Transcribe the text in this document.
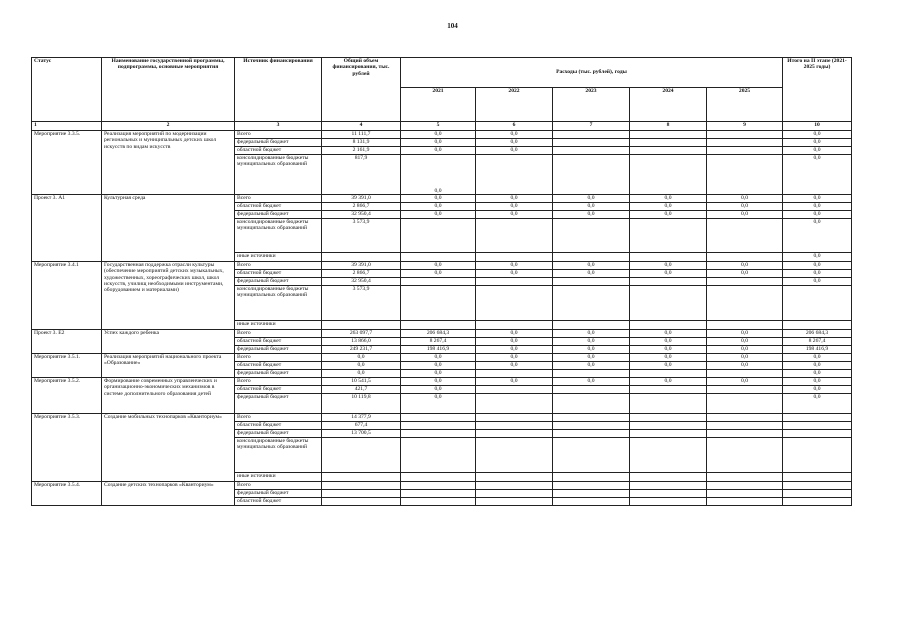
104
Статус	Наименование государственной программы, подпрограммы, основные мероприятия	Источник финансирования	Общий объем финансирования, тыс. рублей	Расходы (тыс. рублей), годы					Итого на II этапе (2021-2025 годы)
				2021	2022	2023	2024	2025	
1	2	3	4	5	6	7	8	9	10
Мероприятие 3.3.5.	Реализация мероприятий по модернизации региональных и муниципальных детских школ искусств по видам искусств	Всего	11 111,7	0,0	0,0				0,0
		федеральный бюджет	8 131,9	0,0	0,0				0,0
		областной бюджет	2 161,9	0,0	0,0				0,0
		консолидированные бюджеты муниципальных образований	817,9	0,0					0,0
Проект 3. А1	Культурная среда	Всего	39 391,0	0,0	0,0	0,0	0,0	0,0	0,0
		областной бюджет	2 866,7	0,0	0,0	0,0	0,0	0,0	0,0
		федеральный бюджет	32 950,4	0,0	0,0	0,0	0,0	0,0	0,0
		консолидированные бюджеты муниципальных образований	3 573,9						0,0
		иные источники							0,0
Мероприятие 3.4.1	Государственная поддержка отрасли культуры (обеспечение мероприятий детских музыкальных, художественных, хореографических школ, школ искусств, училищ необходимыми инструментами, оборудованием и материалами)	Всего	39 391,0	0,0	0,0	0,0	0,0	0,0	0,0
		областной бюджет	2 866,7	0,0	0,0	0,0	0,0	0,0	0,0
		федеральный бюджет	32 950,4						0,0
		консолидированные бюджеты муниципальных образований	3 573,9						
		иные источники							
Проект 3. Е2	Успех каждого ребенка	Всего	263 097,7	206 684,3	0,0	0,0	0,0	0,0	206 684,3
		областной бюджет	13 866,0	8 267,4	0,0	0,0	0,0	0,0	8 267,4
		федеральный бюджет	249 231,7	198 416,9	0,0	0,0	0,0	0,0	198 416,9
Мероприятие 3.5.1.	Реализация мероприятий национального проекта «Образование»	Всего	0,0	0,0	0,0	0,0	0,0	0,0	0,0
		областной бюджет	0,0	0,0	0,0	0,0	0,0	0,0	0,0
		федеральный бюджет	0,0	0,0					0,0
Мероприятие 3.5.2.	Формирование современных управленческих и организационно-экономических механизмов в системе дополнительного образования детей	Всего	10 541,5	0,0	0,0	0,0	0,0	0,0	0,0
		областной бюджет	421,7	0,0					0,0
		федеральный бюджет	10 119,8	0,0					0,0
Мероприятие 3.5.3.	Создание мобильных технопарков «Кванториум»	Всего	14 377,9						
		областной бюджет	677,4						
		федеральный бюджет	13 700,5						
		консолидированные бюджеты муниципальных образований							
		иные источники							
Мероприятие 3.5.4.	Создание детских технопарков «Кванториум»	Всего							
		федеральный бюджет							
		областной бюджет							
